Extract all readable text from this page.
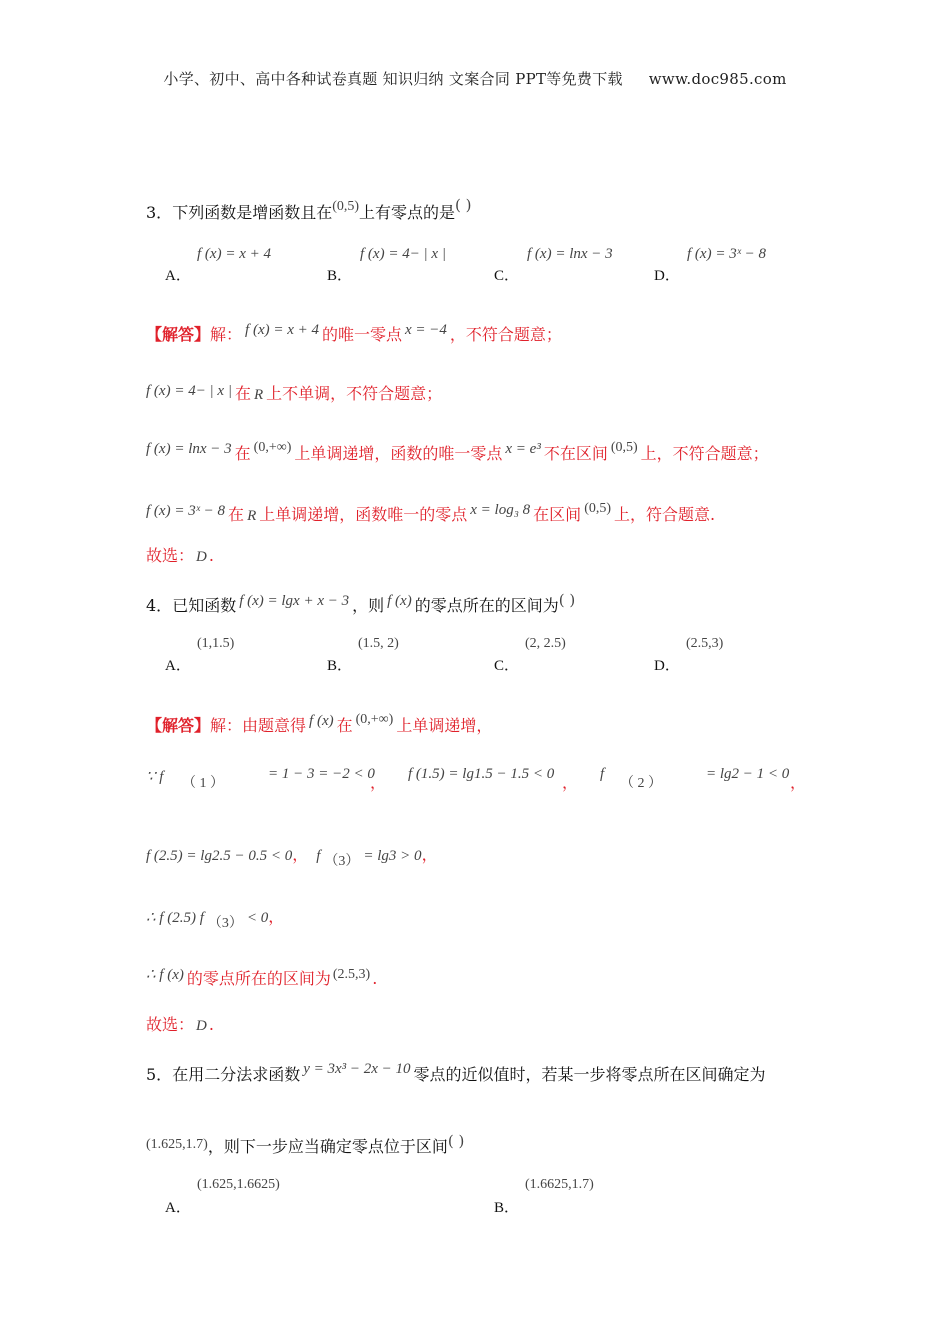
小学、初中、高中各种试卷真题 知识归纳 文案合同 PPT等免费下载 www.doc985.com
3．下列函数是增函数且在(0,5)上有零点的是( )
f (x) = x + 4
A．
f (x) = 4− | x |
B．
f (x) = lnx − 3
C．
f (x) = 3ˣ − 8
D．
【解答】解： f (x) = x + 4 的唯一零点 x = −4 ，不符合题意；
f (x) = 4− | x | 在 R 上不单调，不符合题意；
f (x) = lnx − 3 在 (0,+∞) 上单调递增，函数的唯一零点 x = e³ 不在区间 (0,5) 上，不符合题意；
f (x) = 3ˣ − 8 在 R 上单调递增，函数唯一的零点 x = log₃ 8 在区间 (0,5) 上，符合题意.
故选： D .
4．已知函数 f (x) = lgx + x − 3 ，则 f (x) 的零点所在的区间为( )
(1,1.5)
A．
(1.5, 2)
B．
(2, 2.5)
C．
(2.5,3)
D．
【解答】解：由题意得 f (x) 在 (0,+∞) 上单调递增，
∵ f （ 1 ）
= 1 − 3 = −2 < 0
， f (1.5) = lg1.5 − 1.5 < 0 ， f
（ 2 ）
= lg2 − 1 < 0 ，
f (2.5) = lg2.5 − 0.5 < 0， f （3） = lg3 > 0，
∴ f (2.5) f （3） < 0，
∴ f (x) 的零点所在的区间为 (2.5,3) .
故选： D .
5．在用二分法求函数 y = 3x³ − 2x − 10 零点的近似值时，若某一步将零点所在区间确定为
(1.625,1.7)，则下一步应当确定零点位于区间( )
(1.625,1.6625)
A．
(1.6625,1.7)
B．
